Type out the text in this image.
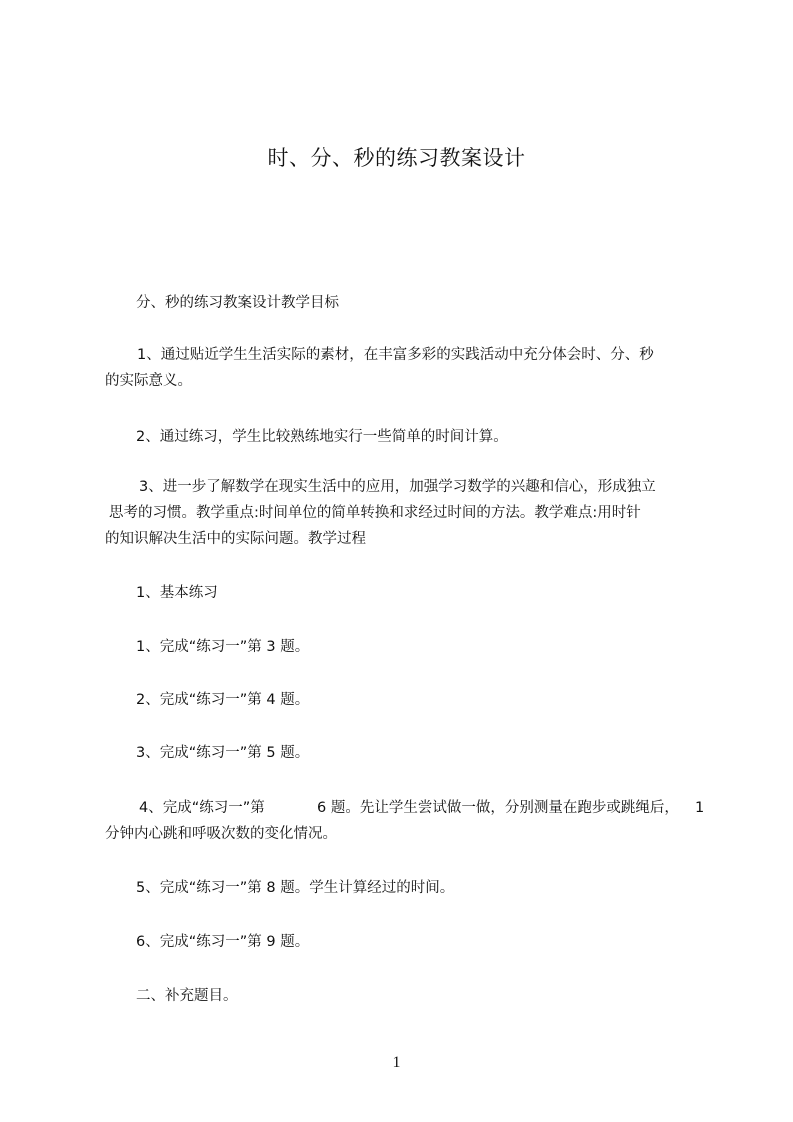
时、分、秒的练习教案设计
分、秒的练习教案设计教学目标
1、通过贴近学生生活实际的素材，在丰富多彩的实践活动中充分体会时、分、秒
的实际意义。
2、通过练习，学生比较熟练地实行一些简单的时间计算。
3、进一步了解数学在现实生活中的应用，加强学习数学的兴趣和信心，形成独立
思考的习惯。教学重点:时间单位的简单转换和求经过时间的方法。教学难点:用时针
的知识解决生活中的实际问题。教学过程
1、基本练习
1、完成“练习一”第 3 题。
2、完成“练习一”第 4 题。
3、完成“练习一”第 5 题。
4、完成“练习一”第	6 题。先让学生尝试做一做，分别测量在跑步或跳绳后， 1
分钟内心跳和呼吸次数的变化情况。
5、完成“练习一”第 8 题。学生计算经过的时间。
6、完成“练习一”第 9 题。
二、补充题目。
1
